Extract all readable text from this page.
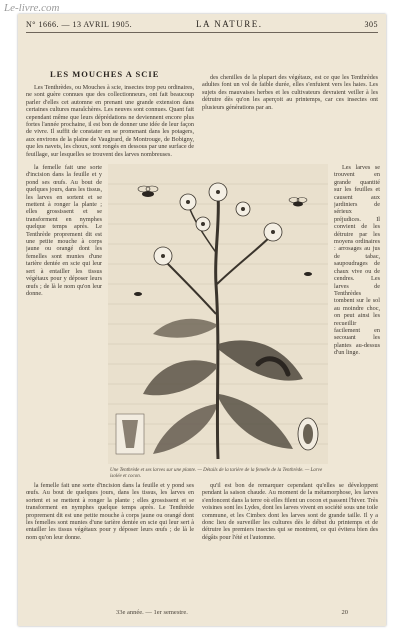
Le-livre.com
N° 1666. — 13 AVRIL 1905.	LA NATURE.	305
LES MOUCHES A SCIE

Les Tenthrèdes, ou Mouches à scie, insectes trop peu ordinaires, ne sont guère connues que des collectionneurs, ont fait beaucoup parler d'elles cet automne en prenant une grande extension dans certaines cultures maraîchères. Les neuves sont connues. Quant fait cependant même que leurs déprédations ne deviennent encore plus fortes l'année prochaine, il est bon de donner une idée de leur façon de vivre. Il suffit de constater en se promenant dans les potagers, aux environs de la plaine de Vaugirard, de Montrouge, de Bobigny, que les navets, les choux, sont rongés en dessous par une surface de feuillage, sur lesquelles se trouvent des larves nombreuses.

la femelle fait une sorte d'incision dans la feuille et y pond ses œufs. Au bout de quelques jours, dans les tissus, les larves en sortent et se mettent à ronger la plante ; elles grossissent et se transforment en nymphes quelque temps après. Le Tenthrède proprement dit est une petite mouche à corps jaune ou orangé dont les femelles sont munies d'une tarière dentée en scie qui leur sert à entailler les tissus végétaux pour y déposer leurs œufs ; de là le nom qu'on leur donne.

des chenilles de la plupart des végétaux, est ce que les Tenthrèdes adultes font un vol de faible durée, elles s'enfuient vers les haies. Les sujets des mauvaises herbes et les cultivateurs devraient veiller à les détruire dès qu'on les aperçoit au printemps, car ces insectes ont plusieurs générations par an.

Les larves se trouvent en grande quantité sur les feuilles et causent aux jardiniers de sérieux préjudices. Il convient de les détruire par les moyens ordinaires : arrosages au jus de tabac, saupoudrages de chaux vive ou de cendres. Les larves de Tenthrèdes tombent sur le sol au moindre choc, on peut ainsi les recueillir facilement en secouant les plantes au-dessus d'un linge.

Une Tenthrède et ses larves sur une plante. — Détails de la tarière de la femelle de la Tenthrède. — Larve isolée et cocon.

la femelle fait une sorte d'incision dans la feuille et y pond ses œufs. Au bout de quelques jours, dans les tissus, les larves en sortent et se mettent à ronger la plante ; elles grossissent et se transforment en nymphes quelque temps après. Le Tenthrède proprement dit est une petite mouche à corps jaune ou orangé dont les femelles sont munies d'une tarière dentée en scie qui leur sert à entailler les tissus végétaux pour y déposer leurs œufs ; de là le nom qu'on leur donne.

qu'il est bon de remarquer cependant qu'elles se développent pendant la saison chaude. Au moment de la métamorphose, les larves s'enfoncent dans la terre où elles filent un cocon et passent l'hiver. Très voisines sont les Lydes, dont les larves vivent en société sous une toile commune, et les Cimbex dont les larves sont de grande taille. Il y a donc lieu de surveiller les cultures dès le début du printemps et de détruire les premiers insectes qui se montrent, ce qui évitera bien des dégâts pour l'été et l'automne.

33e année. — 1er semestre.	20
